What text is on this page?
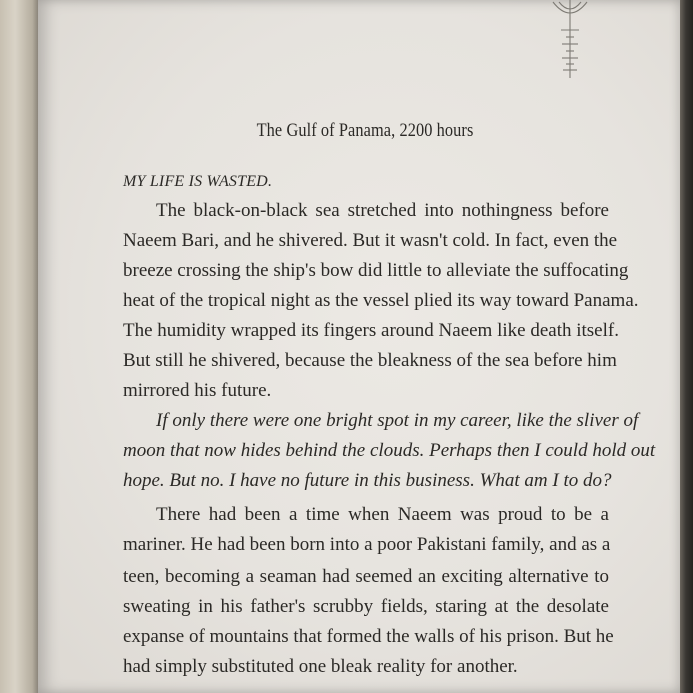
The Gulf of Panama, 2200 hours
MY LIFE IS WASTED.
The black-on-black sea stretched into nothingness before
Naeem Bari, and he shivered. But it wasn't cold. In fact, even the
breeze crossing the ship's bow did little to alleviate the suffocating
heat of the tropical night as the vessel plied its way toward Panama.
The humidity wrapped its fingers around Naeem like death itself.
But still he shivered, because the bleakness of the sea before him
mirrored his future.
If only there were one bright spot in my career, like the sliver of
moon that now hides behind the clouds. Perhaps then I could hold out
hope. But no. I have no future in this business. What am I to do?
There had been a time when Naeem was proud to be a
mariner. He had been born into a poor Pakistani family, and as a
teen, becoming a seaman had seemed an exciting alternative to
sweating in his father's scrubby fields, staring at the desolate
expanse of mountains that formed the walls of his prison. But he
had simply substituted one bleak reality for another.
